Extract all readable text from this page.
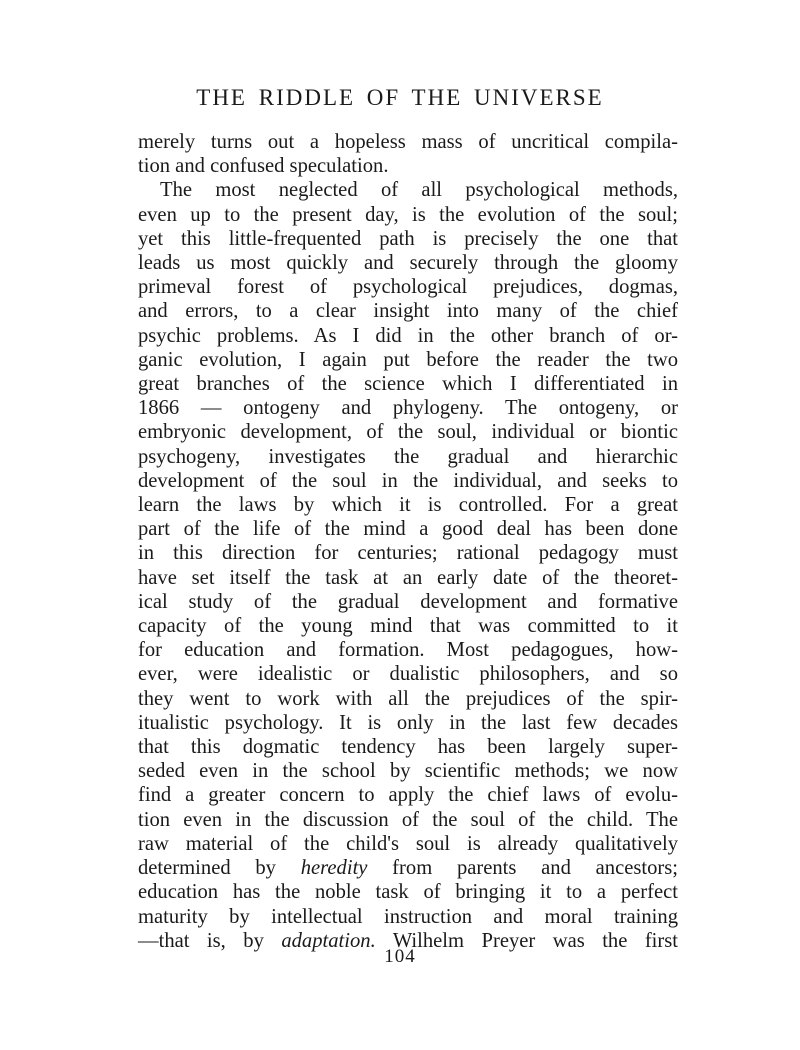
THE RIDDLE OF THE UNIVERSE
merely turns out a hopeless mass of uncritical compila-
tion and confused speculation.
The most neglected of all psychological methods,
even up to the present day, is the evolution of the soul;
yet this little-frequented path is precisely the one that
leads us most quickly and securely through the gloomy
primeval forest of psychological prejudices, dogmas,
and errors, to a clear insight into many of the chief
psychic problems. As I did in the other branch of or-
ganic evolution, I again put before the reader the two
great branches of the science which I differentiated in
1866 — ontogeny and phylogeny. The ontogeny, or
embryonic development, of the soul, individual or biontic
psychogeny, investigates the gradual and hierarchic
development of the soul in the individual, and seeks to
learn the laws by which it is controlled. For a great
part of the life of the mind a good deal has been done
in this direction for centuries; rational pedagogy must
have set itself the task at an early date of the theoret-
ical study of the gradual development and formative
capacity of the young mind that was committed to it
for education and formation. Most pedagogues, how-
ever, were idealistic or dualistic philosophers, and so
they went to work with all the prejudices of the spir-
itualistic psychology. It is only in the last few decades
that this dogmatic tendency has been largely super-
seded even in the school by scientific methods; we now
find a greater concern to apply the chief laws of evolu-
tion even in the discussion of the soul of the child. The
raw material of the child's soul is already qualitatively
determined by heredity from parents and ancestors;
education has the noble task of bringing it to a perfect
maturity by intellectual instruction and moral training
—that is, by adaptation. Wilhelm Preyer was the first
104
